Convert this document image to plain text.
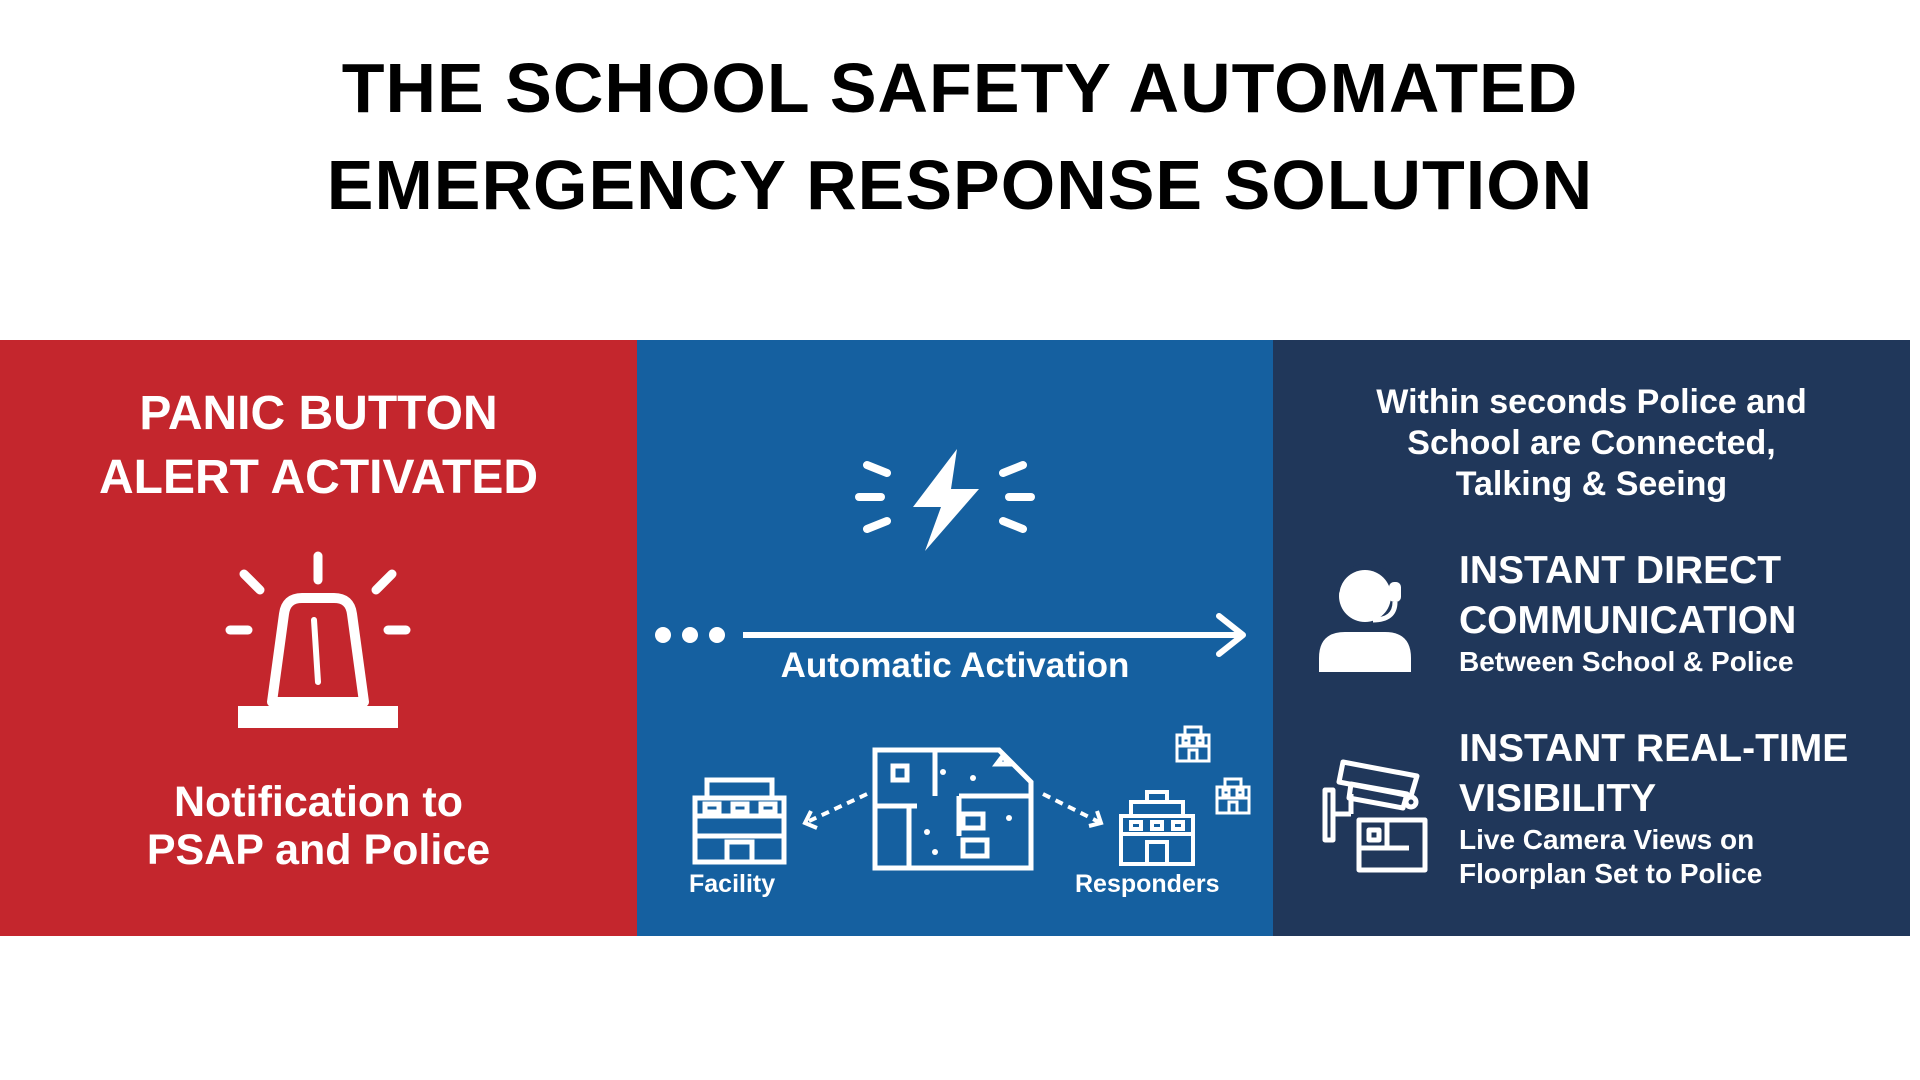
THE SCHOOL SAFETY AUTOMATED
EMERGENCY RESPONSE SOLUTION
PANIC BUTTON
ALERT ACTIVATED
Notification to
PSAP and Police
Automatic Activation
Facility	Responders
Within seconds Police and
School are Connected,
Talking & Seeing
INSTANT DIRECT
COMMUNICATION
Between School & Police
INSTANT REAL-TIME
VISIBILITY
Live Camera Views on
Floorplan Set to Police
